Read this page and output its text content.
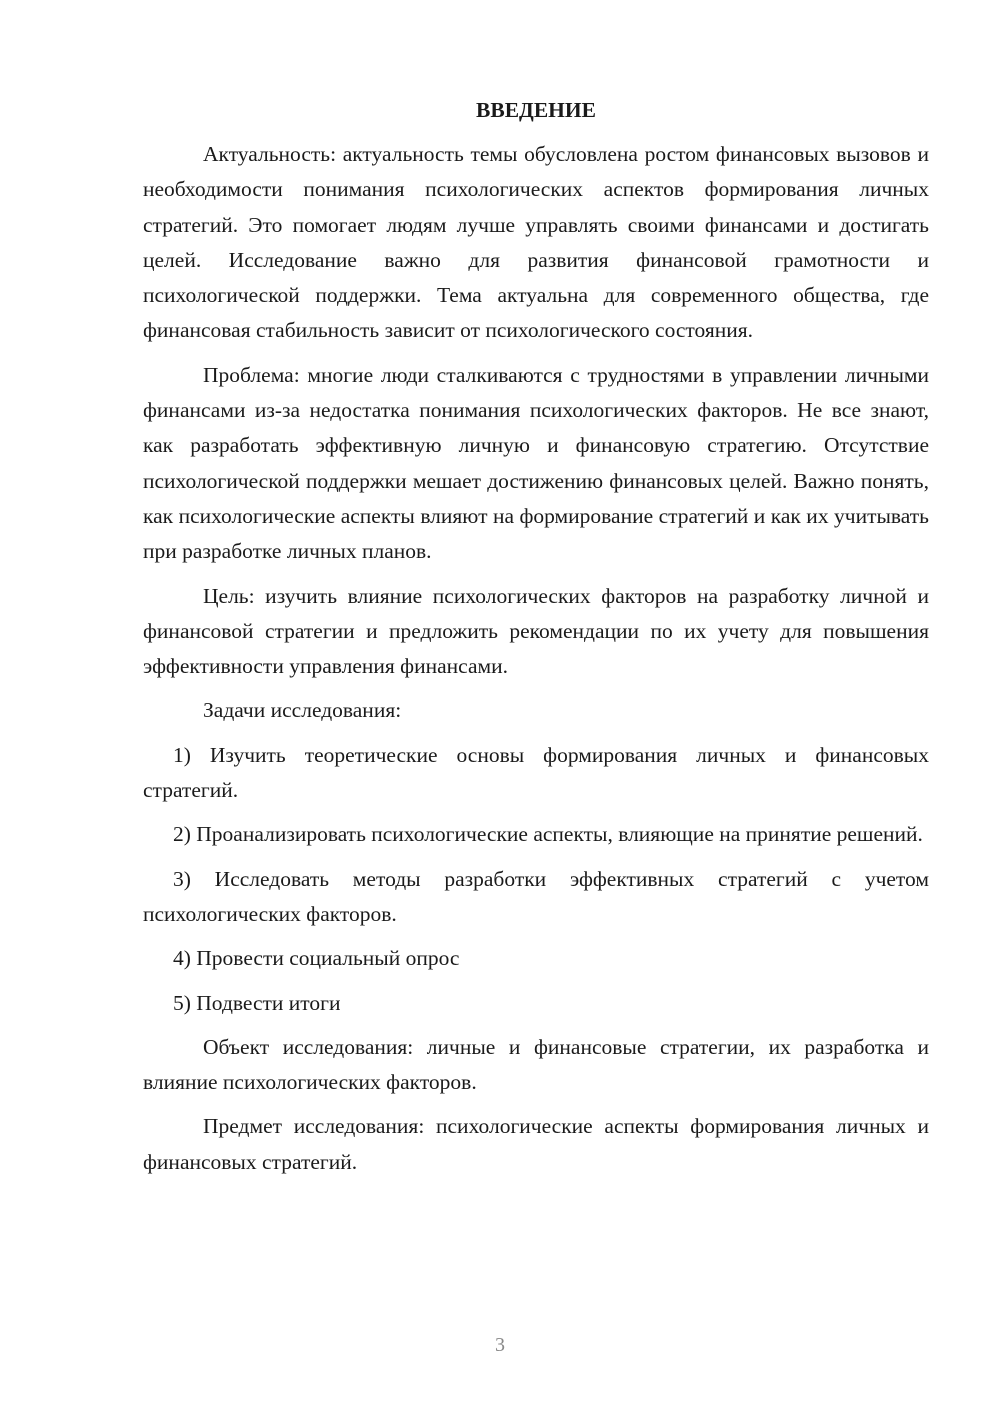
ВВЕДЕНИЕ

Актуальность: актуальность темы обусловлена ростом финансовых вызовов и необходимости понимания психологических аспектов формирования личных стратегий. Это помогает людям лучше управлять своими финансами и достигать целей. Исследование важно для развития финансовой грамотности и психологической поддержки. Тема актуальна для современного общества, где финансовая стабильность зависит от психологического состояния.

Проблема: многие люди сталкиваются с трудностями в управлении личными финансами из-за недостатка понимания психологических факторов. Не все знают, как разработать эффективную личную и финансовую стратегию. Отсутствие психологической поддержки мешает достижению финансовых целей. Важно понять, как психологические аспекты влияют на формирование стратегий и как их учитывать при разработке личных планов.

Цель: изучить влияние психологических факторов на разработку личной и финансовой стратегии и предложить рекомендации по их учету для повышения эффективности управления финансами.

Задачи исследования:

1) Изучить теоретические основы формирования личных и финансовых стратегий.

2) Проанализировать психологические аспекты, влияющие на принятие решений.

3) Исследовать методы разработки эффективных стратегий с учетом психологических факторов.

4) Провести социальный опрос

5) Подвести итоги

Объект исследования: личные и финансовые стратегии, их разработка и влияние психологических факторов.

Предмет исследования: психологические аспекты формирования личных и финансовых стратегий.

3
